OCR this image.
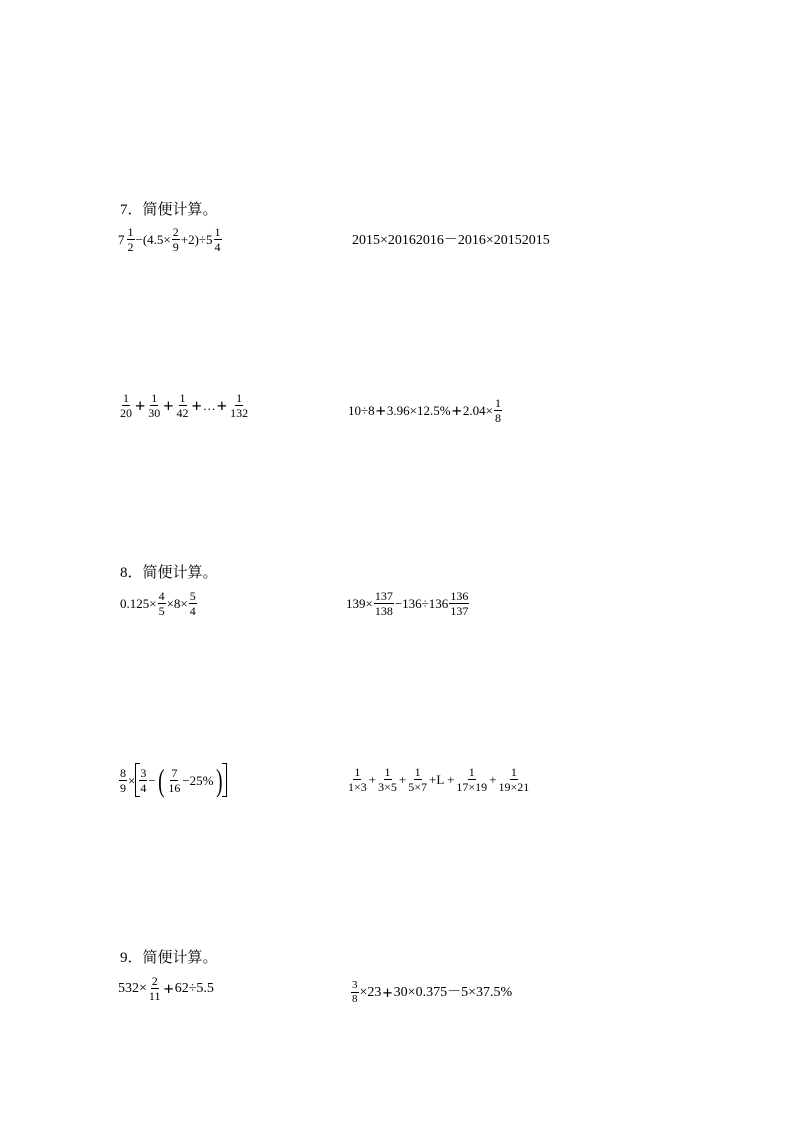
7．简便计算。
$7 \frac{1}{2} -(4.5\times \frac{2}{9} +2)\div 5 \frac{1}{4}$	2015×20162016－2016×20152015
$\frac{1}{20} + \frac{1}{30} + \frac{1}{42}$ + … + $\frac{1}{132}$	$10\div 8 + 3.96\times 12.5\% + 2.04\times \frac{1}{8}$
8．简便计算。
$0.125\times \frac{4}{5} \times 8\times \frac{5}{4}$	$139\times \frac{137}{138} -136\div 136 \frac{136}{137}$
$\frac{8}{9} \times \frac{3}{4}$ − ( $\frac{7}{16} -25\%$ )	$\frac{1}{1\times 3} + \frac{1}{3\times 5} + \frac{1}{5\times 7} +L + \frac{1}{17\times 19} + \frac{1}{19\times 21}$
9．简便计算。
$532\times \frac{2}{11} + 62\div 5.5$	$\frac{3}{8} \times 23 + 30\times 0.375-5\times 37.5\%$
